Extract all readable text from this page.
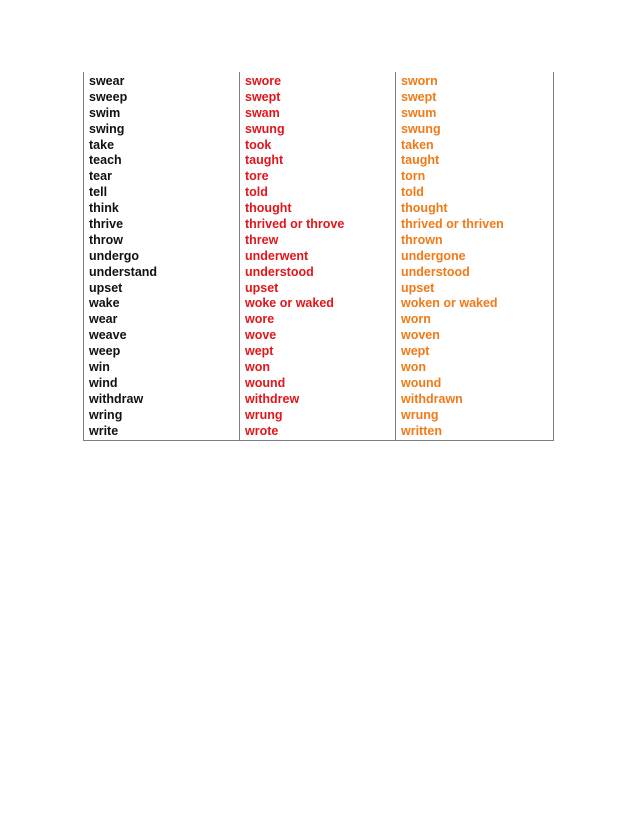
swear
sweep
swim
swing
take
teach
tear
tell
think
thrive
throw
undergo
understand
upset
wake
wear
weave
weep
win
wind
withdraw
wring
write
swore
swept
swam
swung
took
taught
tore
told
thought
thrived or throve
threw
underwent
understood
upset
woke or waked
wore
wove
wept
won
wound
withdrew
wrung
wrote
sworn
swept
swum
swung
taken
taught
torn
told
thought
thrived or thriven
thrown
undergone
understood
upset
woken or waked
worn
woven
wept
won
wound
withdrawn
wrung
written
